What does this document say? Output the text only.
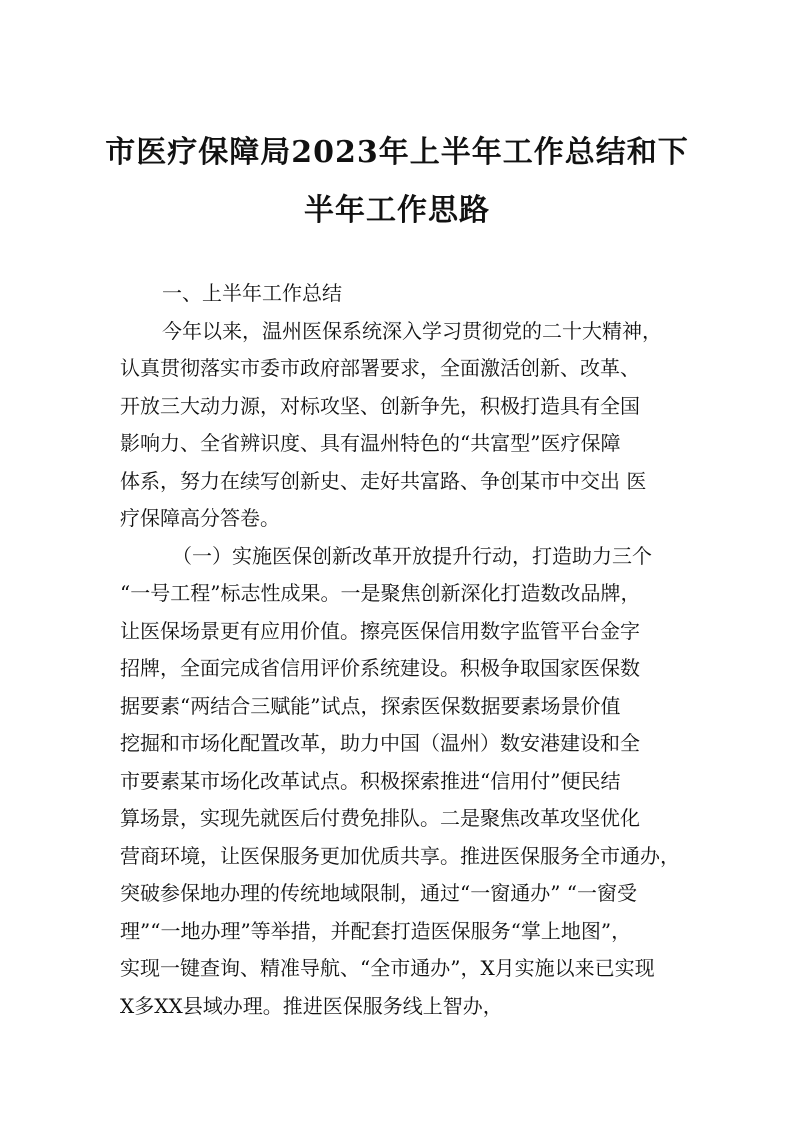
市医疗保障局2023年上半年工作总结和下
半年工作思路
一、上半年工作总结
今年以来，温州医保系统深入学习贯彻党的二十大精神，
认真贯彻落实市委市政府部署要求，全面激活创新、改革、
开放三大动力源，对标攻坚、创新争先，积极打造具有全国
影响力、全省辨识度、具有温州特色的“共富型”医疗保障
体系，努力在续写创新史、走好共富路、争创某市中交出 医
疗保障高分答卷。
（一）实施医保创新改革开放提升行动，打造助力三个
“一号工程”标志性成果。一是聚焦创新深化打造数改品牌，
让医保场景更有应用价值。擦亮医保信用数字监管平台金字
招牌，全面完成省信用评价系统建设。积极争取国家医保数
据要素“两结合三赋能”试点，探索医保数据要素场景价值
挖掘和市场化配置改革，助力中国（温州）数安港建设和全
市要素某市场化改革试点。积极探索推进“信用付”便民结
算场景，实现先就医后付费免排队。二是聚焦改革攻坚优化
营商环境，让医保服务更加优质共享。推进医保服务全市通办，
突破参保地办理的传统地域限制，通过“一窗通办” “一窗受
理”“一地办理”等举措，并配套打造医保服务“掌上地图”，
实现一键查询、精准导航、“全市通办”，X月实施以来已实现
X多XX县域办理。推进医保服务线上智办，
